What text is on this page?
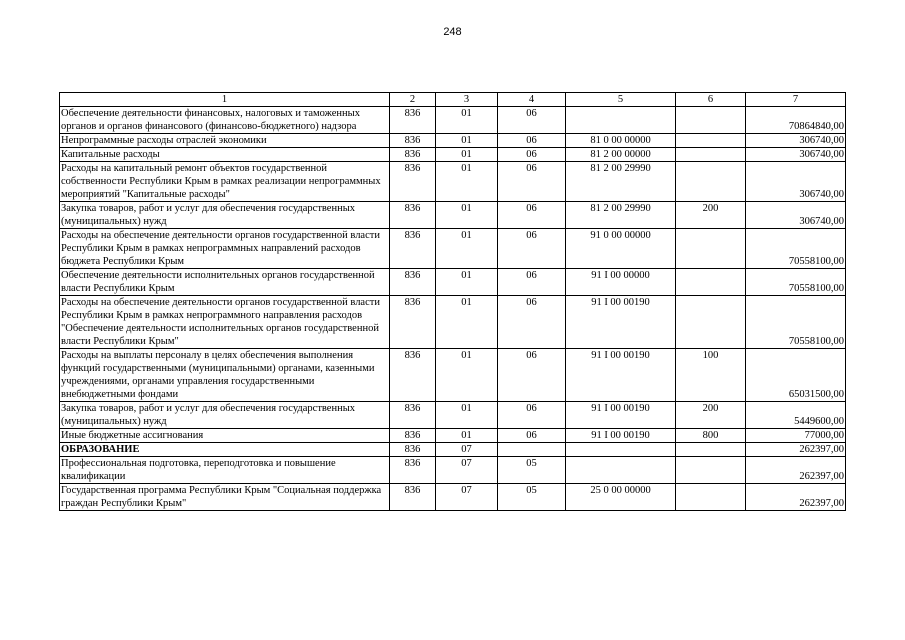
248
1	2	3	4	5	6	7
Обеспечение деятельности финансовых, налоговых и таможенных органов и органов финансового (финансово-бюджетного) надзора	836	01	06			70864840,00
Непрограммные расходы отраслей экономики	836	01	06	81 0 00 00000		306740,00
Капитальные расходы	836	01	06	81 2 00 00000		306740,00
Расходы на капитальный ремонт объектов государственной собственности Республики Крым в рамках реализации непрограммных мероприятий "Капитальные расходы"	836	01	06	81 2 00 29990		306740,00
Закупка товаров, работ и услуг для обеспечения государственных (муниципальных) нужд	836	01	06	81 2 00 29990	200	306740,00
Расходы на обеспечение деятельности органов государственной власти Республики Крым в рамках непрограммных направлений расходов бюджета Республики Крым	836	01	06	91 0 00 00000		70558100,00
Обеспечение деятельности исполнительных органов государственной власти Республики Крым	836	01	06	91 I 00 00000		70558100,00
Расходы на обеспечение деятельности органов государственной власти Республики Крым в рамках непрограммного направления расходов "Обеспечение деятельности исполнительных органов государственной власти Республики Крым"	836	01	06	91 I 00 00190		70558100,00
Расходы на выплаты персоналу в целях обеспечения выполнения функций государственными (муниципальными) органами, казенными учреждениями, органами управления государственными внебюджетными фондами	836	01	06	91 I 00 00190	100	65031500,00
Закупка товаров, работ и услуг для обеспечения государственных (муниципальных) нужд	836	01	06	91 I 00 00190	200	5449600,00
Иные бюджетные ассигнования	836	01	06	91 I 00 00190	800	77000,00
ОБРАЗОВАНИЕ	836	07				262397,00
Профессиональная подготовка, переподготовка и повышение квалификации	836	07	05			262397,00
Государственная программа Республики Крым "Социальная поддержка граждан Республики Крым"	836	07	05	25 0 00 00000		262397,00
